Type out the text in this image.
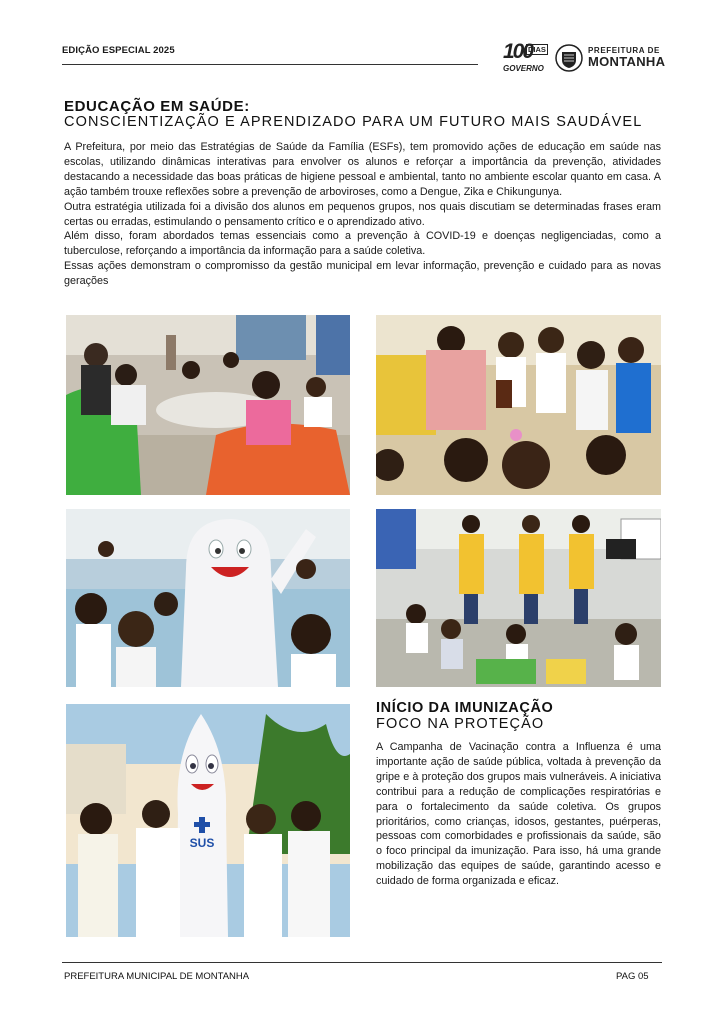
EDIÇÃO ESPECIAL 2025	100
DIAS
GOVERNO
PREFEITURA DE
MONTANHA
EDUCAÇÃO EM SAÚDE:
CONSCIENTIZAÇÃO E APRENDIZADO PARA UM FUTURO MAIS SAUDÁVEL

A Prefeitura, por meio das Estratégias de Saúde da Família (ESFs), tem promovido ações de educação em saúde nas escolas, utilizando dinâmicas interativas para envolver os alunos e reforçar a importância da prevenção, atividades destacando a necessidade das boas práticas de higiene pessoal e ambiental, tanto no ambiente escolar quanto em casa. A ação também trouxe reflexões sobre a prevenção de arboviroses, como a Dengue, Zika e Chikungunya.

Outra estratégia utilizada foi a divisão dos alunos em pequenos grupos, nos quais discutiam se determinadas frases eram certas ou erradas, estimulando o pensamento crítico e o aprendizado ativo.

Além disso, foram abordados temas essenciais como a prevenção à COVID-19 e doenças negligenciadas, como a tuberculose, reforçando a importância da informação para a saúde coletiva.

Essas ações demonstram o compromisso da gestão municipal em levar informação, prevenção e cuidado para as novas gerações

SUS
INÍCIO DA IMUNIZAÇÃO
FOCO NA PROTEÇÃO
A Campanha de Vacinação contra a Influenza é uma importante ação de saúde pública, voltada à prevenção da gripe e à proteção dos grupos mais vulneráveis. A iniciativa contribui para a redução de complicações respiratórias e para o fortalecimento da saúde coletiva. Os grupos prioritários, como crianças, idosos, gestantes, puérperas, pessoas com comorbidades e profissionais da saúde, são o foco principal da imunização. Para isso, há uma grande mobilização das equipes de saúde, garantindo acesso e cuidado de forma organizada e eficaz.
PREFEITURA MUNICIPAL DE MONTANHA	PAG 05
